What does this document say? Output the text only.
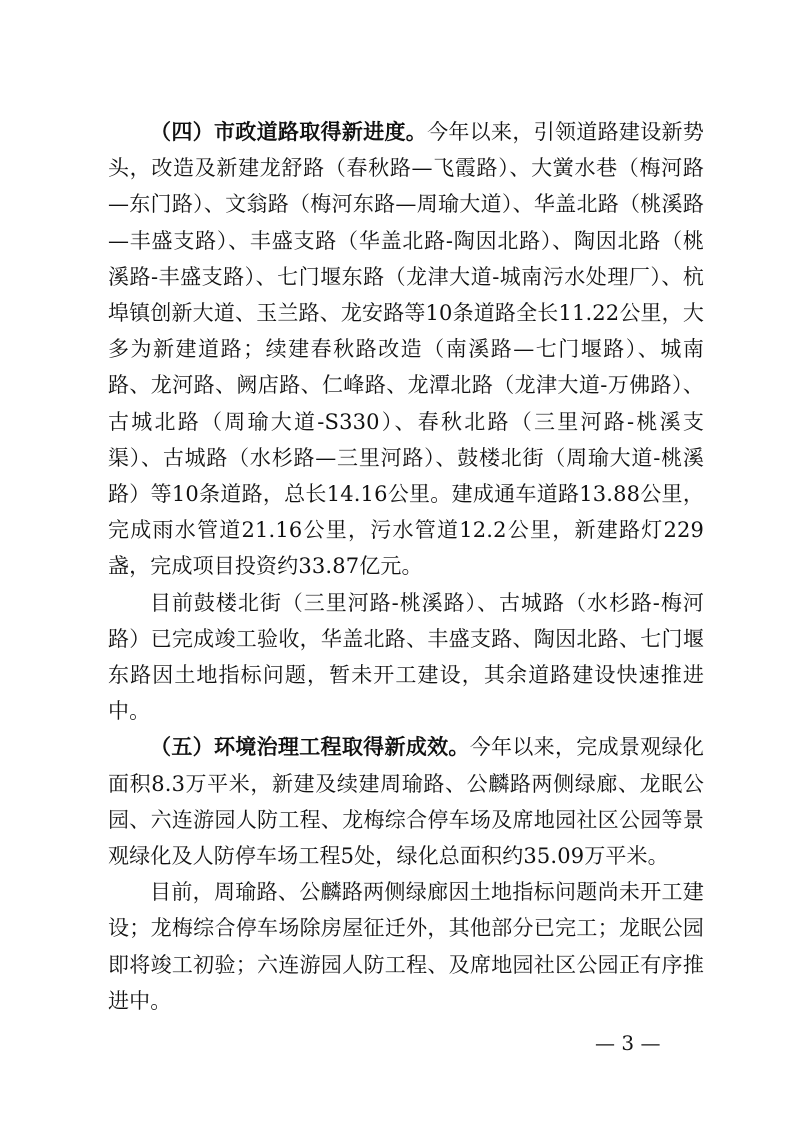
（四）市政道路取得新进度。今年以来，引领道路建设新势头，改造及新建龙舒路（春秋路—飞霞路）、大黉水巷（梅河路—东门路）、文翁路（梅河东路—周瑜大道）、华盖北路（桃溪路—丰盛支路）、丰盛支路（华盖北路-陶因北路）、陶因北路（桃溪路-丰盛支路）、七门堰东路（龙津大道-城南污水处理厂）、杭埠镇创新大道、玉兰路、龙安路等10条道路全长11.22公里，大多为新建道路；续建春秋路改造（南溪路—七门堰路）、城南路、龙河路、阙店路、仁峰路、龙潭北路（龙津大道-万佛路）、古城北路（周瑜大道-S330）、春秋北路（三里河路-桃溪支渠）、古城路（水杉路—三里河路）、鼓楼北街（周瑜大道-桃溪路）等10条道路，总长14.16公里。建成通车道路13.88公里，完成雨水管道21.16公里，污水管道12.2公里，新建路灯229盏，完成项目投资约33.87亿元。

目前鼓楼北街（三里河路-桃溪路）、古城路（水杉路-梅河路）已完成竣工验收，华盖北路、丰盛支路、陶因北路、七门堰东路因土地指标问题，暂未开工建设，其余道路建设快速推进中。

（五）环境治理工程取得新成效。今年以来，完成景观绿化面积8.3万平米，新建及续建周瑜路、公麟路两侧绿廊、龙眠公园、六连游园人防工程、龙梅综合停车场及席地园社区公园等景观绿化及人防停车场工程5处，绿化总面积约35.09万平米。

目前，周瑜路、公麟路两侧绿廊因土地指标问题尚未开工建设；龙梅综合停车场除房屋征迁外，其他部分已完工；龙眠公园即将竣工初验；六连游园人防工程、及席地园社区公园正有序推进中。

— 3 —
